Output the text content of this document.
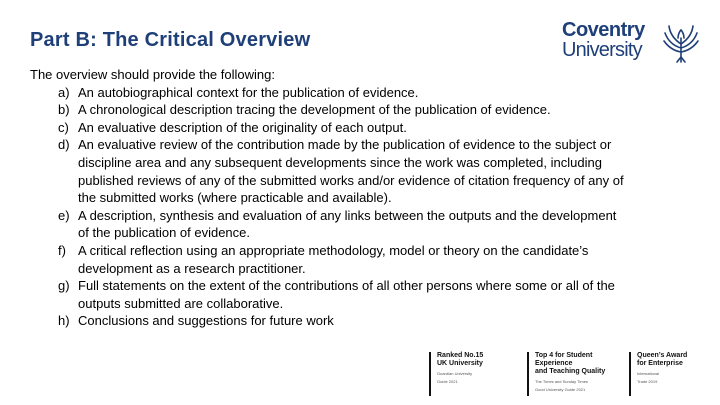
Part B: The Critical Overview	Coventry
University

The overview should provide the following:

a) An autobiographical context for the publication of evidence.
b) A chronological description tracing the development of the publication of evidence.
c) An evaluative description of the originality of each output.
d) An evaluative review of the contribution made by the publication of evidence to the subject or discipline area and any subsequent developments since the work was completed, including published reviews of any of the submitted works and/or evidence of citation frequency of any of the submitted works (where practicable and available).
e) A description, synthesis and evaluation of any links between the outputs and the development of the publication of evidence.
f) A critical reflection using an appropriate methodology, model or theory on the candidate’s development as a research practitioner.
g) Full statements on the extent of the contributions of all other persons where some or all of the outputs submitted are collaborative.
h) Conclusions and suggestions for future work
Ranked No.15
UK University
Guardian University
Guide 2021
Top 4 for Student Experience
and Teaching Quality
The Times and Sunday Times
Good University Guide 2021
Queen’s Award
for Enterprise
International
Trade 2019
